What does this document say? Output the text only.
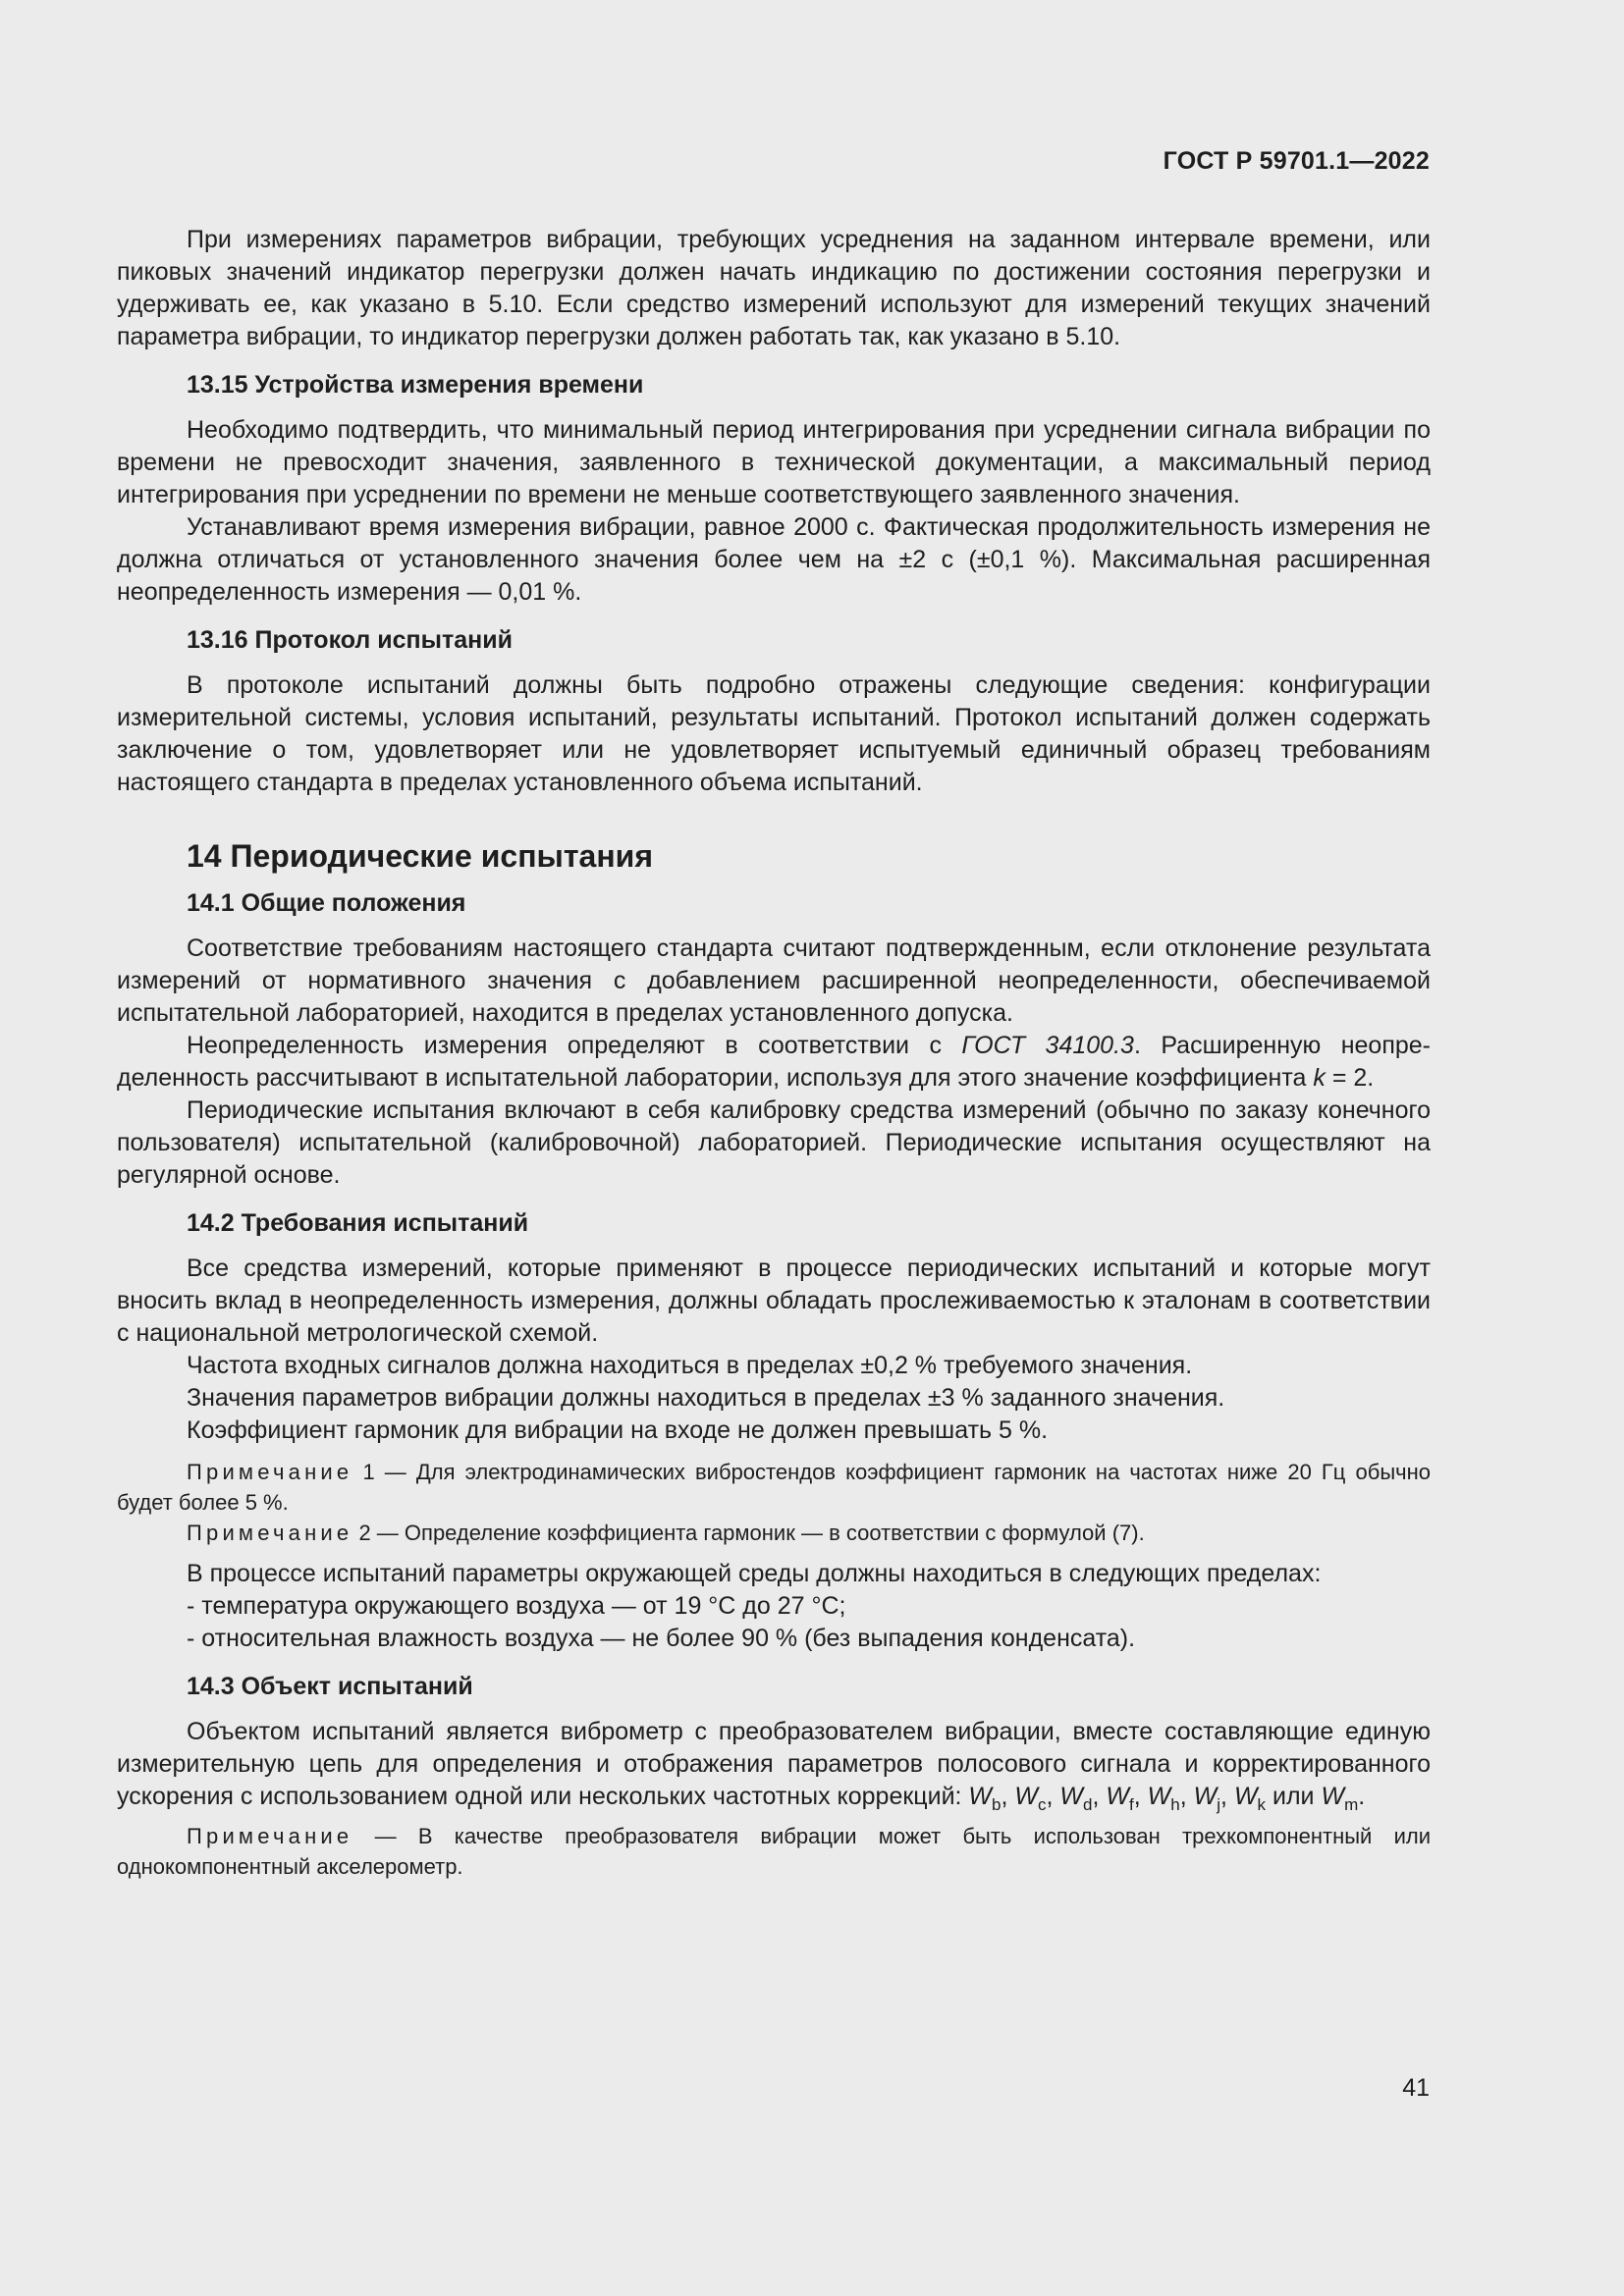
ГОСТ Р 59701.1—2022

При измерениях параметров вибрации, требующих усреднения на заданном интервале времени, или пиковых значений индикатор перегрузки должен начать индикацию по достижении состояния перегрузки и удерживать ее, как указано в 5.10. Если средство измерений используют для измерений текущих значений параметра вибрации, то индикатор перегрузки должен работать так, как указано в 5.10.

13.15 Устройства измерения времени

Необходимо подтвердить, что минимальный период интегрирования при усреднении сигнала вибрации по времени не превосходит значения, заявленного в технической документации, а максимальный период интегрирования при усреднении по времени не меньше соответствующего заявленного значения.

Устанавливают время измерения вибрации, равное 2000 с. Фактическая продолжительность измерения не должна отличаться от установленного значения более чем на ±2 с (±0,1 %). Максимальная расширенная неопределенность измерения — 0,01 %.

13.16 Протокол испытаний

В протоколе испытаний должны быть подробно отражены следующие сведения: конфигурации измерительной системы, условия испытаний, результаты испытаний. Протокол испытаний должен содержать заключение о том, удовлетворяет или не удовлетворяет испытуемый единичный образец требованиям настоящего стандарта в пределах установленного объема испытаний.

14 Периодические испытания
14.1 Общие положения

Соответствие требованиям настоящего стандарта считают подтвержденным, если отклонение результата измерений от нормативного значения с добавлением расширенной неопределенности, обеспечиваемой испытательной лабораторией, находится в пределах установленного допуска.

Неопределенность измерения определяют в соответствии с ГОСТ 34100.3. Расширенную неопределенность рассчитывают в испытательной лаборатории, используя для этого значение коэффициента k = 2.

Периодические испытания включают в себя калибровку средства измерений (обычно по заказу конечного пользователя) испытательной (калибровочной) лабораторией. Периодические испытания осуществляют на регулярной основе.

14.2 Требования испытаний

Все средства измерений, которые применяют в процессе периодических испытаний и которые могут вносить вклад в неопределенность измерения, должны обладать прослеживаемостью к эталонам в соответствии с национальной метрологической схемой.

Частота входных сигналов должна находиться в пределах ±0,2 % требуемого значения.

Значения параметров вибрации должны находиться в пределах ±3 % заданного значения.

Коэффициент гармоник для вибрации на входе не должен превышать 5 %.

Примечание 1 — Для электродинамических вибростендов коэффициент гармоник на частотах ниже 20 Гц обычно будет более 5 %.

Примечание 2 — Определение коэффициента гармоник — в соответствии с формулой (7).

В процессе испытаний параметры окружающей среды должны находиться в следующих пределах:

- температура окружающего воздуха — от 19 °С до 27 °С;

- относительная влажность воздуха — не более 90 % (без выпадения конденсата).

14.3 Объект испытаний

Объектом испытаний является виброметр с преобразователем вибрации, вместе составляющие единую измерительную цепь для определения и отображения параметров полосового сигнала и корректированного ускорения с использованием одной или нескольких частотных коррекций: $W_b$, $W_c$, $W_d$, $W_f$, $W_h$, $W_j$, $W_k$ или $W_m$.

Примечание — В качестве преобразователя вибрации может быть использован трехкомпонентный или однокомпонентный акселерометр.

41
